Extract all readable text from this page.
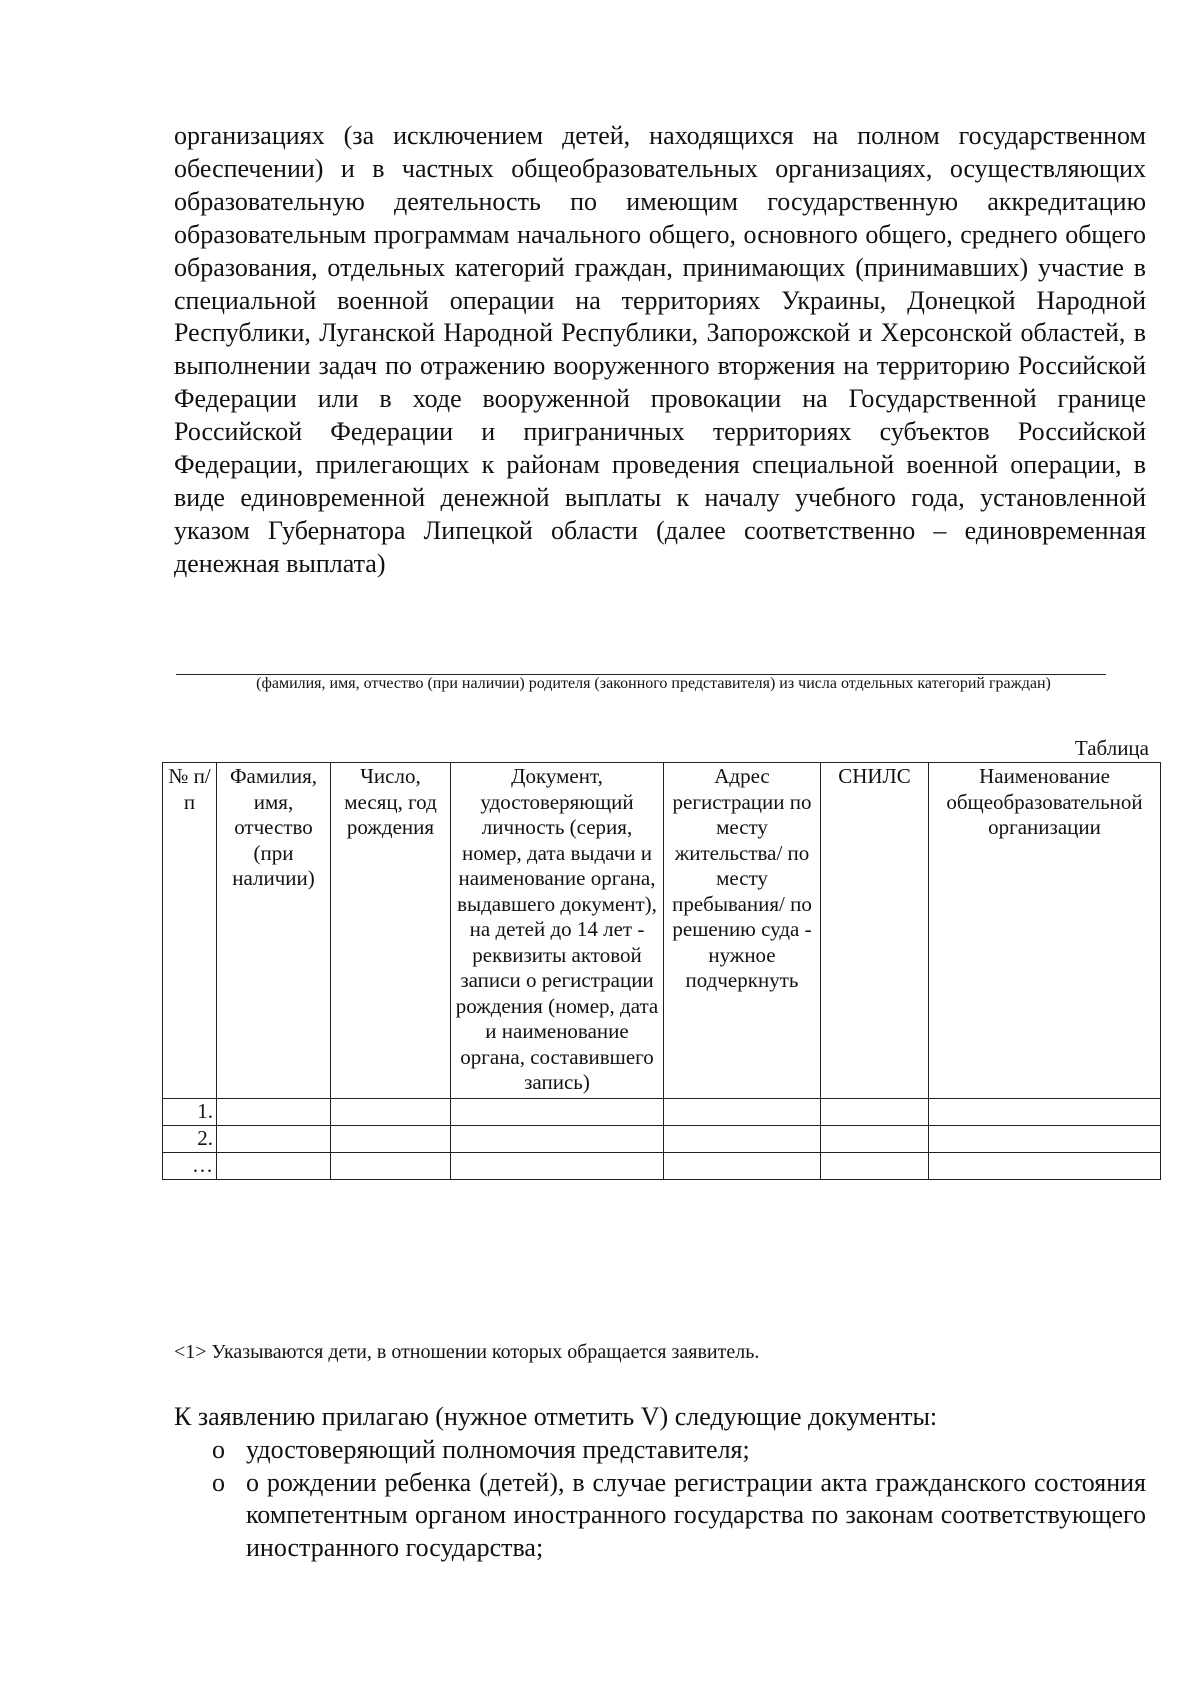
организациях (за исключением детей, находящихся на полном государственном обеспечении) и в частных общеобразовательных организациях, осуществляющих образовательную деятельность по имеющим государственную аккредитацию образовательным программам начального общего, основного общего, среднего общего образования, отдельных категорий граждан, принимающих (принимавших) участие в специальной военной операции на территориях Украины, Донецкой Народной Республики, Луганской Народной Республики, Запорожской и Херсонской областей, в выполнении задач по отражению вооруженного вторжения на территорию Российской Федерации или в ходе вооруженной провокации на Государственной границе Российской Федерации и приграничных территориях субъектов Российской Федерации, прилегающих к районам проведения специальной военной операции, в виде единовременной денежной выплаты к началу учебного года, установленной указом Губернатора Липецкой области (далее соответственно – единовременная денежная выплата)

(фамилия, имя, отчество (при наличии) родителя (законного представителя) из числа отдельных категорий граждан)
Таблица
№ п/п	Фамилия, имя, отчество (при наличии)	Число, месяц, год рождения	Документ, удостоверяющий личность (серия, номер, дата выдачи и наименование органа, выдавшего документ), на детей до 14 лет - реквизиты актовой записи о регистрации рождения (номер, дата и наименование органа, составившего запись)	Адрес регистрации по месту жительства/ по месту пребывания/ по решению суда - нужное подчеркнуть	СНИЛС	Наименование общеобразовательной организации
1.						
2.						
…						
<1> Указываются дети, в отношении которых обращается заявитель.

К заявлению прилагаю (нужное отметить V) следующие документы:

o удостоверяющий полномочия представителя;
o о рождении ребенка (детей), в случае регистрации акта гражданского состояния компетентным органом иностранного государства по законам соответствующего иностранного государства;
